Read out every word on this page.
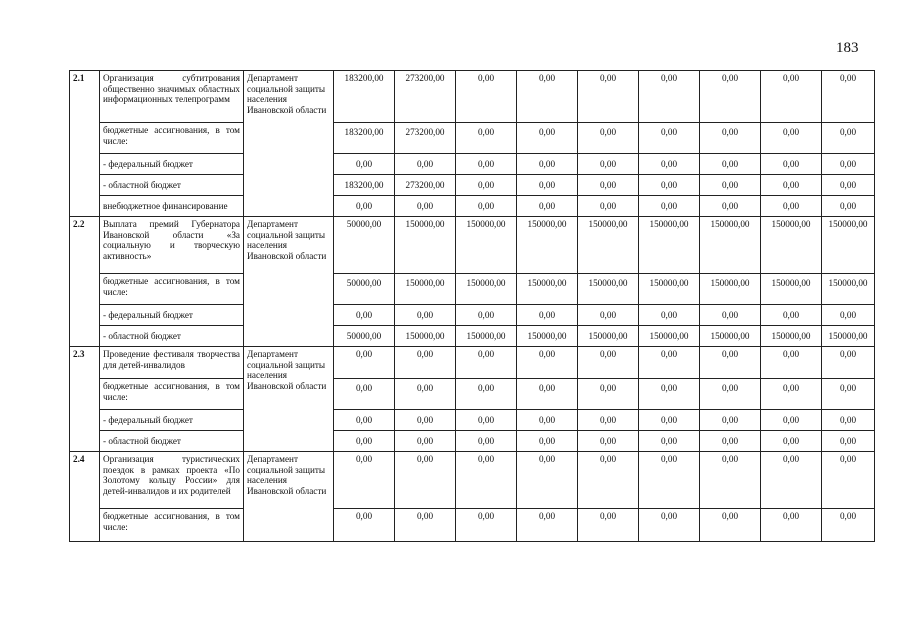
183
2.1	Организация субтитрования общественно значимых областных информационных телепрограмм	Департамент социальной защиты населения Ивановской области	183200,00	273200,00	0,00	0,00	0,00	0,00	0,00	0,00	0,00
	бюджетные ассигнования, в том числе:		183200,00	273200,00	0,00	0,00	0,00	0,00	0,00	0,00	0,00
	- федеральный бюджет		0,00	0,00	0,00	0,00	0,00	0,00	0,00	0,00	0,00
	- областной бюджет		183200,00	273200,00	0,00	0,00	0,00	0,00	0,00	0,00	0,00
	внебюджетное финансирование		0,00	0,00	0,00	0,00	0,00	0,00	0,00	0,00	0,00
2.2	Выплата премий Губернатора Ивановской области «За социальную и творческую активность»	Департамент социальной защиты населения Ивановской области	50000,00	150000,00	150000,00	150000,00	150000,00	150000,00	150000,00	150000,00	150000,00
	бюджетные ассигнования, в том числе:		50000,00	150000,00	150000,00	150000,00	150000,00	150000,00	150000,00	150000,00	150000,00
	- федеральный бюджет		0,00	0,00	0,00	0,00	0,00	0,00	0,00	0,00	0,00
	- областной бюджет		50000,00	150000,00	150000,00	150000,00	150000,00	150000,00	150000,00	150000,00	150000,00
2.3	Проведение фестиваля творчества для детей-инвалидов	Департамент социальной защиты населения Ивановской области	0,00	0,00	0,00	0,00	0,00	0,00	0,00	0,00	0,00
	бюджетные ассигнования, в том числе:		0,00	0,00	0,00	0,00	0,00	0,00	0,00	0,00	0,00
	- федеральный бюджет		0,00	0,00	0,00	0,00	0,00	0,00	0,00	0,00	0,00
	- областной бюджет		0,00	0,00	0,00	0,00	0,00	0,00	0,00	0,00	0,00
2.4	Организация туристических поездок в рамках проекта «По Золотому кольцу России» для детей-инвалидов и их родителей	Департамент социальной защиты населения Ивановской области	0,00	0,00	0,00	0,00	0,00	0,00	0,00	0,00	0,00
	бюджетные ассигнования, в том числе:		0,00	0,00	0,00	0,00	0,00	0,00	0,00	0,00	0,00
